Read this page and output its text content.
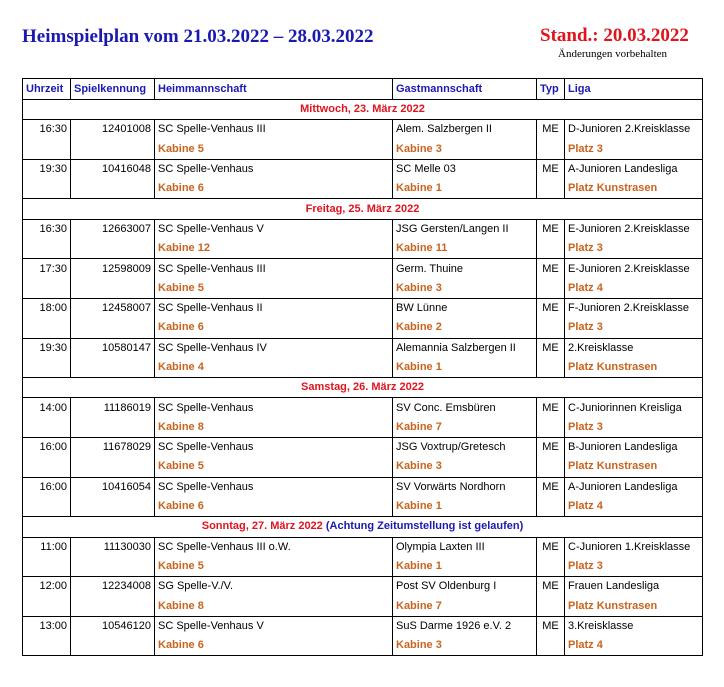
Heimspielplan vom 21.03.2022 – 28.03.2022	Stand.: 20.03.2022
Änderungen vorbehalten
Uhrzeit	Spielkennung	Heimmannschaft	Gastmannschaft	Typ	Liga
Mittwoch, 23. März 2022					
16:30	12401008	SC Spelle-Venhaus III	Alem. Salzbergen II	ME	D-Junioren 2.Kreisklasse
		Kabine 5	Kabine 3		Platz 3
19:30	10416048	SC Spelle-Venhaus	SC Melle 03	ME	A-Junioren Landesliga
		Kabine 6	Kabine 1		Platz Kunstrasen
Freitag, 25. März 2022					
16:30	12663007	SC Spelle-Venhaus V	JSG Gersten/Langen II	ME	E-Junioren 2.Kreisklasse
		Kabine 12	Kabine 11		Platz 3
17:30	12598009	SC Spelle-Venhaus III	Germ. Thuine	ME	E-Junioren 2.Kreisklasse
		Kabine 5	Kabine 3		Platz 4
18:00	12458007	SC Spelle-Venhaus II	BW Lünne	ME	F-Junioren 2.Kreisklasse
		Kabine 6	Kabine 2		Platz 3
19:30	10580147	SC Spelle-Venhaus IV	Alemannia Salzbergen II	ME	2.Kreisklasse
		Kabine 4	Kabine 1		Platz Kunstrasen
Samstag, 26. März 2022					
14:00	11186019	SC Spelle-Venhaus	SV Conc. Emsbüren	ME	C-Juniorinnen Kreisliga
		Kabine 8	Kabine 7		Platz 3
16:00	11678029	SC Spelle-Venhaus	JSG Voxtrup/Gretesch	ME	B-Junioren Landesliga
		Kabine 5	Kabine 3		Platz Kunstrasen
16:00	10416054	SC Spelle-Venhaus	SV Vorwärts Nordhorn	ME	A-Junioren Landesliga
		Kabine 6	Kabine 1		Platz 4
Sonntag, 27. März 2022 (Achtung Zeitumstellung ist gelaufen)					
11:00	11130030	SC Spelle-Venhaus III o.W.	Olympia Laxten III	ME	C-Junioren 1.Kreisklasse
		Kabine 5	Kabine 1		Platz 3
12:00	12234008	SG Spelle-V./V.	Post SV Oldenburg I	ME	Frauen Landesliga
		Kabine 8	Kabine 7		Platz Kunstrasen
13:00	10546120	SC Spelle-Venhaus V	SuS Darme 1926 e.V. 2	ME	3.Kreisklasse
		Kabine 6	Kabine 3		Platz 4
